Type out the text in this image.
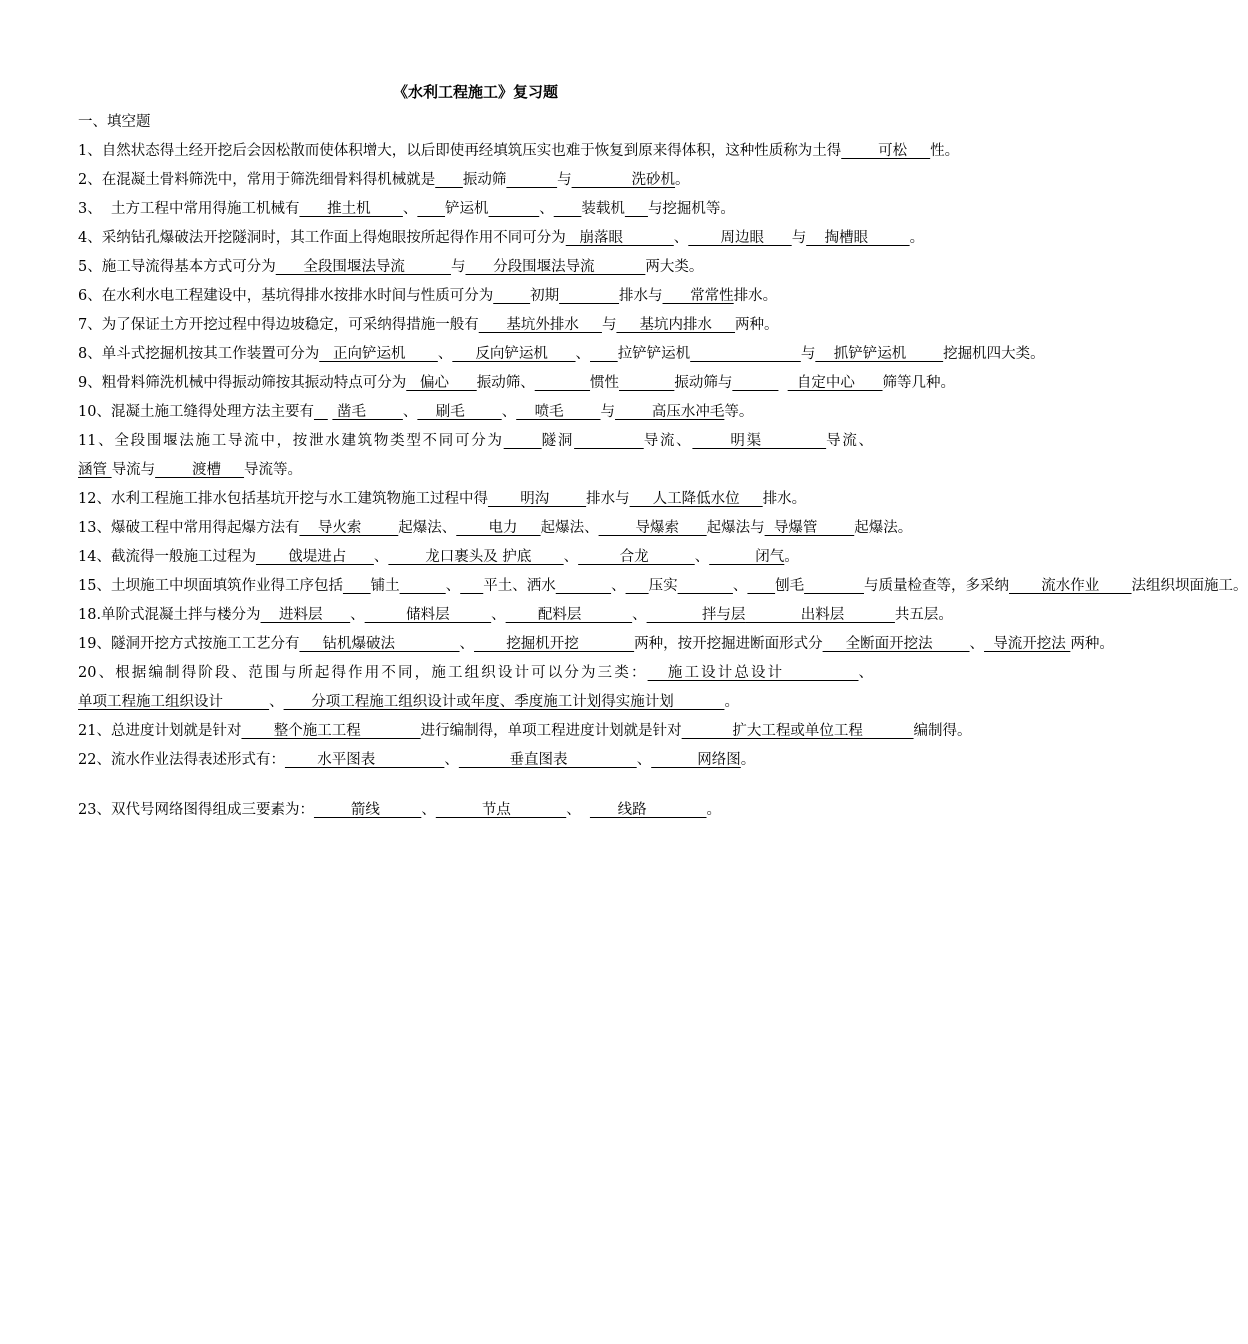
《水利工程施工》复习题
一、填空题
1、自然状态得土经开挖后会因松散而使体积增大，以后即使再经填筑压实也难于恢复到原来得体积，这种性质称为土得        可松     性。
2、在混凝土骨料筛洗中，常用于筛洗细骨料得机械就是 振动筛	与             洗砂机。
3、  土方工程中常用得施工机械有      推土机       、 铲运机	、 装载机 与挖掘机等。
4、采纳钻孔爆破法开挖隧洞时，其工作面上得炮眼按所起得作用不同可分为   崩落眼           、       周边眼      与    掏槽眼         。
5、施工导流得基本方式可分为      全段围堰法导流          与      分段围堰法导流           两大类。
6、在水利水电工程建设中，基坑得排水按排水时间与性质可分为	初期	排水与      常常性排水。
7、为了保证土方开挖过程中得边坡稳定，可采纳得措施一般有      基坑外排水     与     基坑内排水     两种。
8、单斗式挖掘机按其工作装置可分为   正向铲运机       、     反向铲运机      、 拉铲铲运机	与    抓铲铲运机        挖掘机四大类。
9、粗骨料筛洗机械中得振动筛按其振动特点可分为   偏心      振动筛、	惯性	振动筛与	自定中心      筛等几种。
10、混凝土施工缝得处理方法主要有     凿毛        、    刷毛        、    喷毛        与        高压水冲毛等。
11、全段围堰法施工导流中，按泄水建筑物类型不同可分为	隧洞	导流、      明渠          导流、涵管 导流与        渡槽     导流等。
12、水利工程施工排水包括基坑开挖与水工建筑物施工过程中得       明沟        排水与     人工降低水位     排水。
13、爆破工程中常用得起爆方法有    导火索        起爆法、       电力     起爆法、        导爆索      起爆法与  导爆管        起爆法。
14、截流得一般施工过程为       戗堤进占      、        龙口裹头及 护底       、         合龙          、          闭气。
15、土坝施工中坝面填筑作业得工序包括 铺土	、 平土、洒水	、 压实	、 刨毛	与质量检查等，多采纳       流水作业       法组织坝面施工。
18.单阶式混凝土拌与楼分为    进料层      、         储料层         、       配料层           、            拌与层            出料层           共五层。
19、隧洞开挖方式按施工工艺分有     钻机爆破法              、       挖掘机开挖            两种，按开挖掘进断面形式分     全断面开挖法        、  导流开挖法 两种。
20、根据编制得阶段、范围与所起得作用不同，施工组织设计可以分为三类：   施工设计总设计           、单项工程施工组织设计          、      分项工程施工组织设计或年度、季度施工计划得实施计划           。
21、总进度计划就是针对       整个施工工程             进行编制得，单项工程进度计划就是针对           扩大工程或单位工程           编制得。
22、流水作业法得表述形式有：       水平图表               、           垂直图表               、          网络图。
23、双代号网络图得组成三要素为：        箭线         、          节点            、        线路             。
